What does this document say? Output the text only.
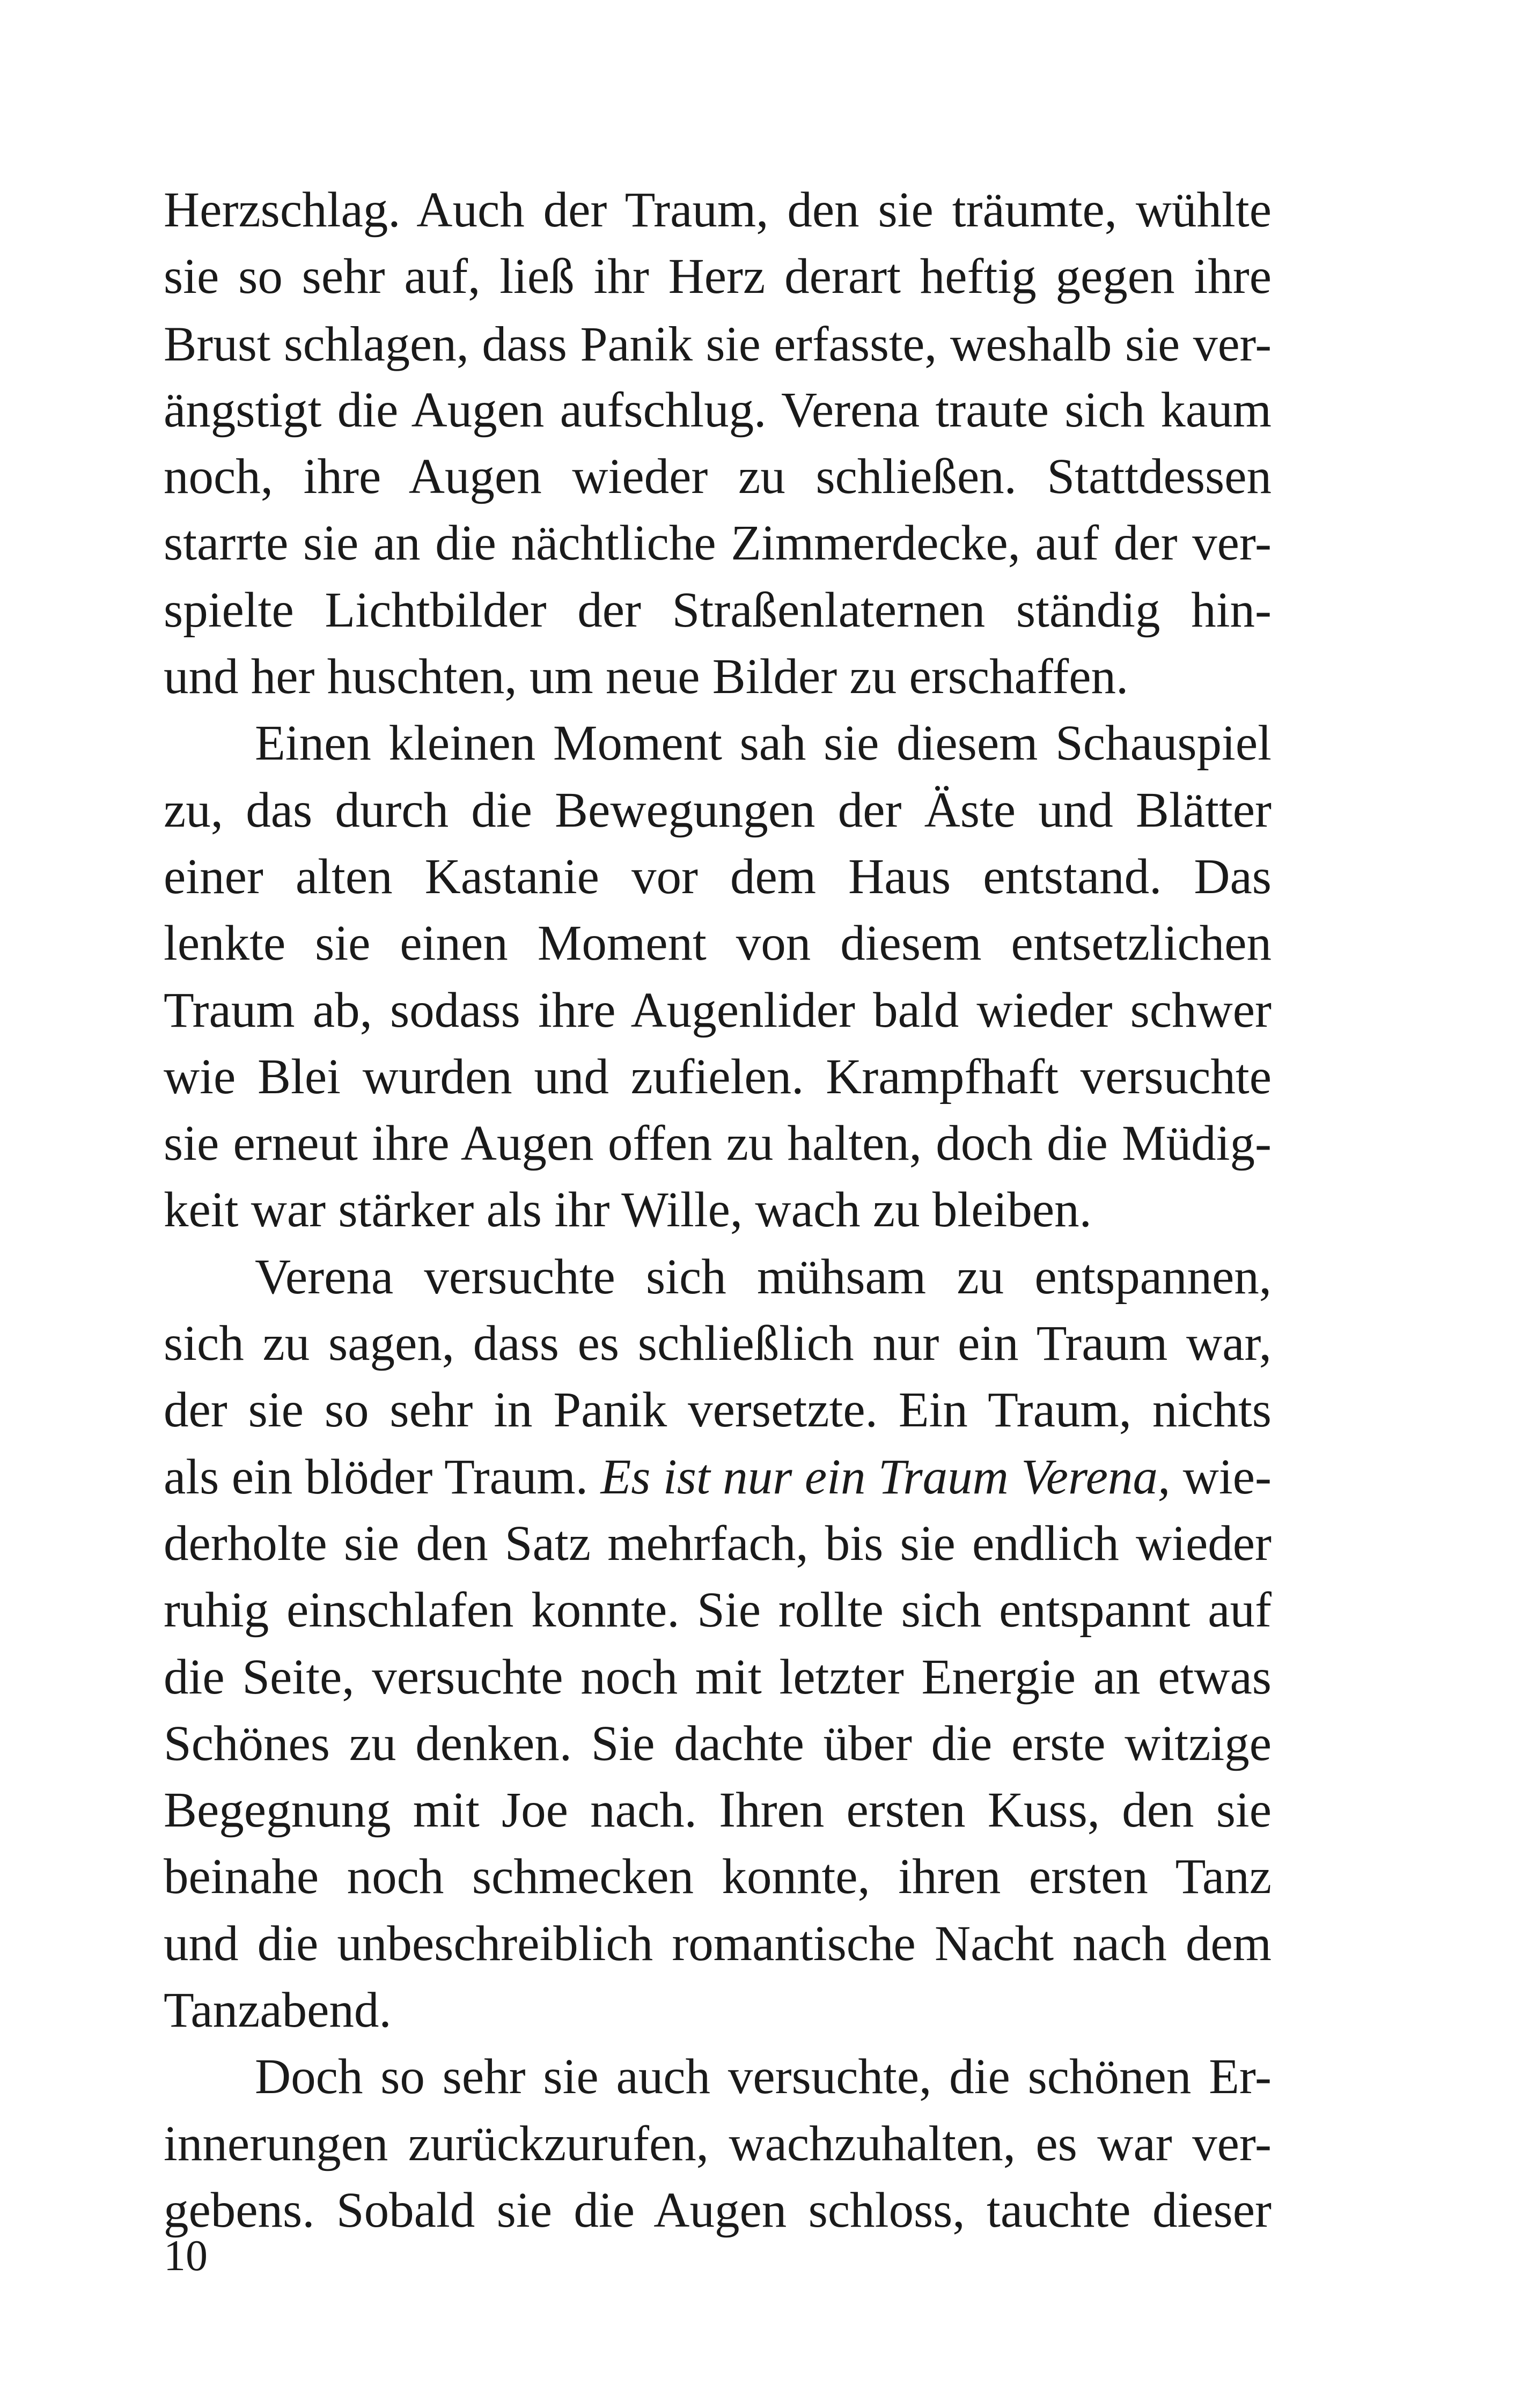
Herzschlag. Auch der Traum, den sie träumte, wühlte
sie so sehr auf, ließ ihr Herz derart heftig gegen ihre
Brust schlagen, dass Panik sie erfasste, weshalb sie ver-
ängstigt die Augen aufschlug. Verena traute sich kaum
noch, ihre Augen wieder zu schließen. Stattdessen
starrte sie an die nächtliche Zimmerdecke, auf der ver-
spielte Lichtbilder der Straßenlaternen ständig hin-
und her huschten, um neue Bilder zu erschaffen.
Einen kleinen Moment sah sie diesem Schauspiel
zu, das durch die Bewegungen der Äste und Blätter
einer alten Kastanie vor dem Haus entstand. Das
lenkte sie einen Moment von diesem entsetzlichen
Traum ab, sodass ihre Augenlider bald wieder schwer
wie Blei wurden und zufielen. Krampfhaft versuchte
sie erneut ihre Augen offen zu halten, doch die Müdig-
keit war stärker als ihr Wille, wach zu bleiben.
Verena versuchte sich mühsam zu entspannen,
sich zu sagen, dass es schließlich nur ein Traum war,
der sie so sehr in Panik versetzte. Ein Traum, nichts
als ein blöder Traum. Es ist nur ein Traum Verena, wie-
derholte sie den Satz mehrfach, bis sie endlich wieder
ruhig einschlafen konnte. Sie rollte sich entspannt auf
die Seite, versuchte noch mit letzter Energie an etwas
Schönes zu denken. Sie dachte über die erste witzige
Begegnung mit Joe nach. Ihren ersten Kuss, den sie
beinahe noch schmecken konnte, ihren ersten Tanz
und die unbeschreiblich romantische Nacht nach dem
Tanzabend.
Doch so sehr sie auch versuchte, die schönen Er-
innerungen zurückzurufen, wachzuhalten, es war ver-
gebens. Sobald sie die Augen schloss, tauchte dieser
10
